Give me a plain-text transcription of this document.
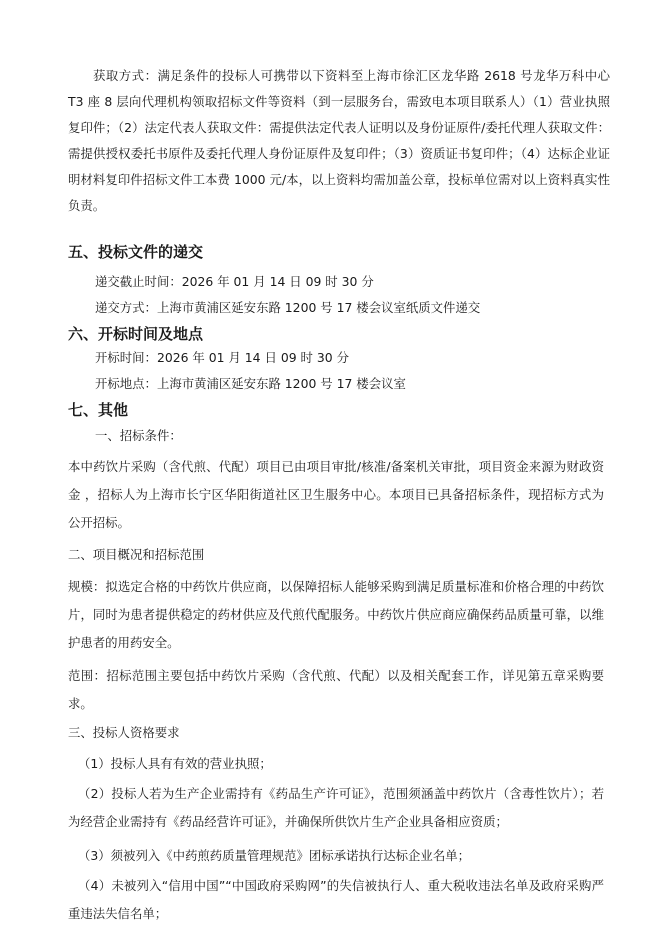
获取方式：满足条件的投标人可携带以下资料至上海市徐汇区龙华路 2618 号龙华万科中心 T3 座 8 层向代理机构领取招标文件等资料（到一层服务台，需致电本项目联系人）（1）营业执照复印件；（2）法定代表人获取文件：需提供法定代表人证明以及身份证原件/委托代理人获取文件：需提供授权委托书原件及委托代理人身份证原件及复印件；（3）资质证书复印件；（4）达标企业证明材料复印件招标文件工本费 1000 元/本，以上资料均需加盖公章，投标单位需对以上资料真实性负责。

五、投标文件的递交

递交截止时间：2026 年 01 月 14 日 09 时 30 分

递交方式：上海市黄浦区延安东路 1200 号 17 楼会议室纸质文件递交

六、开标时间及地点

开标时间：2026 年 01 月 14 日 09 时 30 分

开标地点：上海市黄浦区延安东路 1200 号 17 楼会议室

七、其他

一、招标条件：

本中药饮片采购（含代煎、代配）项目已由项目审批/核准/备案机关审批，项目资金来源为财政资金 ，招标人为上海市长宁区华阳街道社区卫生服务中心。本项目已具备招标条件，现招标方式为公开招标。

二、项目概况和招标范围

规模：拟选定合格的中药饮片供应商，以保障招标人能够采购到满足质量标准和价格合理的中药饮片，同时为患者提供稳定的药材供应及代煎代配服务。中药饮片供应商应确保药品质量可靠，以维护患者的用药安全。

范围：招标范围主要包括中药饮片采购（含代煎、代配）以及相关配套工作，详见第五章采购要求。

三、投标人资格要求

（1）投标人具有有效的营业执照；

（2）投标人若为生产企业需持有《药品生产许可证》，范围须涵盖中药饮片（含毒性饮片）；若为经营企业需持有《药品经营许可证》，并确保所供饮片生产企业具备相应资质；

（3）须被列入《中药煎药质量管理规范》团标承诺执行达标企业名单；

（4）未被列入“信用中国”“中国政府采购网”的失信被执行人、重大税收违法名单及政府采购严重违法失信名单；
